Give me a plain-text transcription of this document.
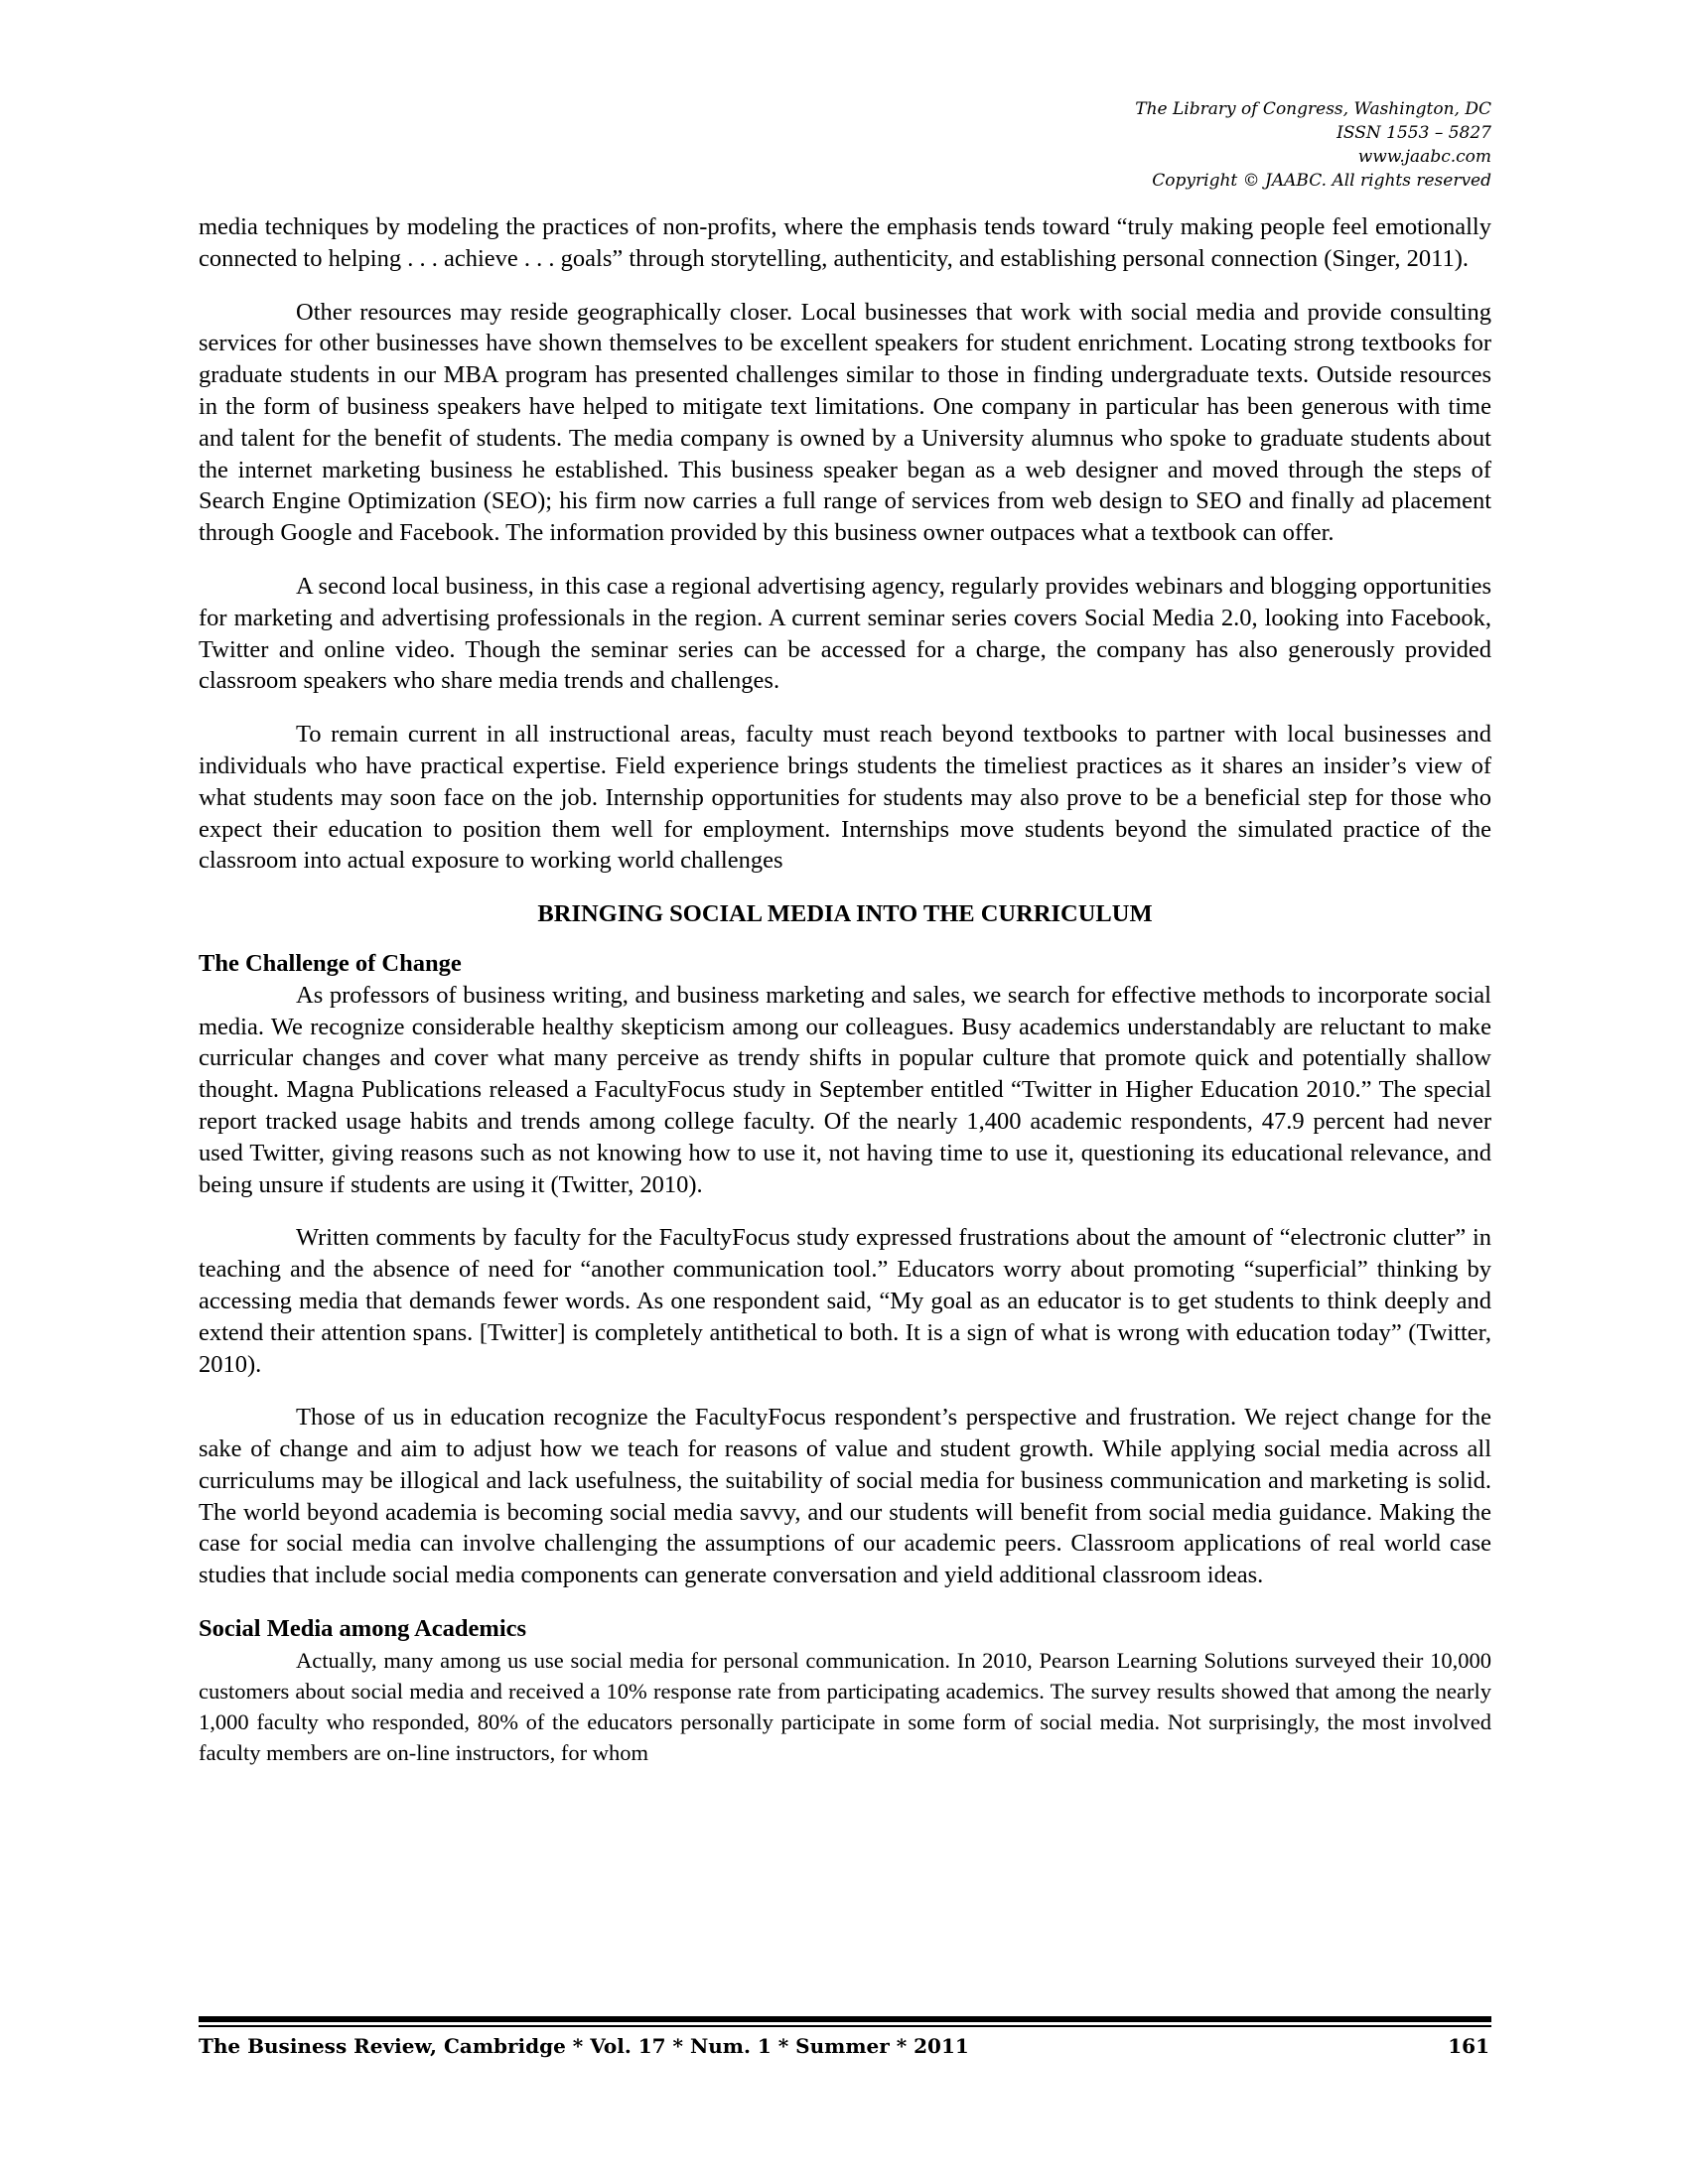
The Library of Congress, Washington, DC
ISSN 1553 – 5827
www.jaabc.com
Copyright © JAABC. All rights reserved

media techniques by modeling the practices of non-profits, where the emphasis tends toward “truly making people feel emotionally connected to helping . . . achieve . . . goals” through storytelling, authenticity, and establishing personal connection (Singer, 2011).

Other resources may reside geographically closer. Local businesses that work with social media and provide consulting services for other businesses have shown themselves to be excellent speakers for student enrichment. Locating strong textbooks for graduate students in our MBA program has presented challenges similar to those in finding undergraduate texts. Outside resources in the form of business speakers have helped to mitigate text limitations. One company in particular has been generous with time and talent for the benefit of students. The media company is owned by a University alumnus who spoke to graduate students about the internet marketing business he established. This business speaker began as a web designer and moved through the steps of Search Engine Optimization (SEO); his firm now carries a full range of services from web design to SEO and finally ad placement through Google and Facebook. The information provided by this business owner outpaces what a textbook can offer.

A second local business, in this case a regional advertising agency, regularly provides webinars and blogging opportunities for marketing and advertising professionals in the region. A current seminar series covers Social Media 2.0, looking into Facebook, Twitter and online video. Though the seminar series can be accessed for a charge, the company has also generously provided classroom speakers who share media trends and challenges.

To remain current in all instructional areas, faculty must reach beyond textbooks to partner with local businesses and individuals who have practical expertise. Field experience brings students the timeliest practices as it shares an insider’s view of what students may soon face on the job. Internship opportunities for students may also prove to be a beneficial step for those who expect their education to position them well for employment. Internships move students beyond the simulated practice of the classroom into actual exposure to working world challenges

BRINGING SOCIAL MEDIA INTO THE CURRICULUM
The Challenge of Change

As professors of business writing, and business marketing and sales, we search for effective methods to incorporate social media. We recognize considerable healthy skepticism among our colleagues. Busy academics understandably are reluctant to make curricular changes and cover what many perceive as trendy shifts in popular culture that promote quick and potentially shallow thought. Magna Publications released a FacultyFocus study in September entitled “Twitter in Higher Education 2010.” The special report tracked usage habits and trends among college faculty. Of the nearly 1,400 academic respondents, 47.9 percent had never used Twitter, giving reasons such as not knowing how to use it, not having time to use it, questioning its educational relevance, and being unsure if students are using it (Twitter, 2010).

Written comments by faculty for the FacultyFocus study expressed frustrations about the amount of “electronic clutter” in teaching and the absence of need for “another communication tool.” Educators worry about promoting “superficial” thinking by accessing media that demands fewer words. As one respondent said, “My goal as an educator is to get students to think deeply and extend their attention spans. [Twitter] is completely antithetical to both. It is a sign of what is wrong with education today” (Twitter, 2010).

Those of us in education recognize the FacultyFocus respondent’s perspective and frustration. We reject change for the sake of change and aim to adjust how we teach for reasons of value and student growth. While applying social media across all curriculums may be illogical and lack usefulness, the suitability of social media for business communication and marketing is solid. The world beyond academia is becoming social media savvy, and our students will benefit from social media guidance. Making the case for social media can involve challenging the assumptions of our academic peers. Classroom applications of real world case studies that include social media components can generate conversation and yield additional classroom ideas.

Social Media among Academics

Actually, many among us use social media for personal communication. In 2010, Pearson Learning Solutions surveyed their 10,000 customers about social media and received a 10% response rate from participating academics. The survey results showed that among the nearly 1,000 faculty who responded, 80% of the educators personally participate in some form of social media. Not surprisingly, the most involved faculty members are on-line instructors, for whom

The Business Review, Cambridge * Vol. 17 * Num. 1 * Summer * 2011	161
